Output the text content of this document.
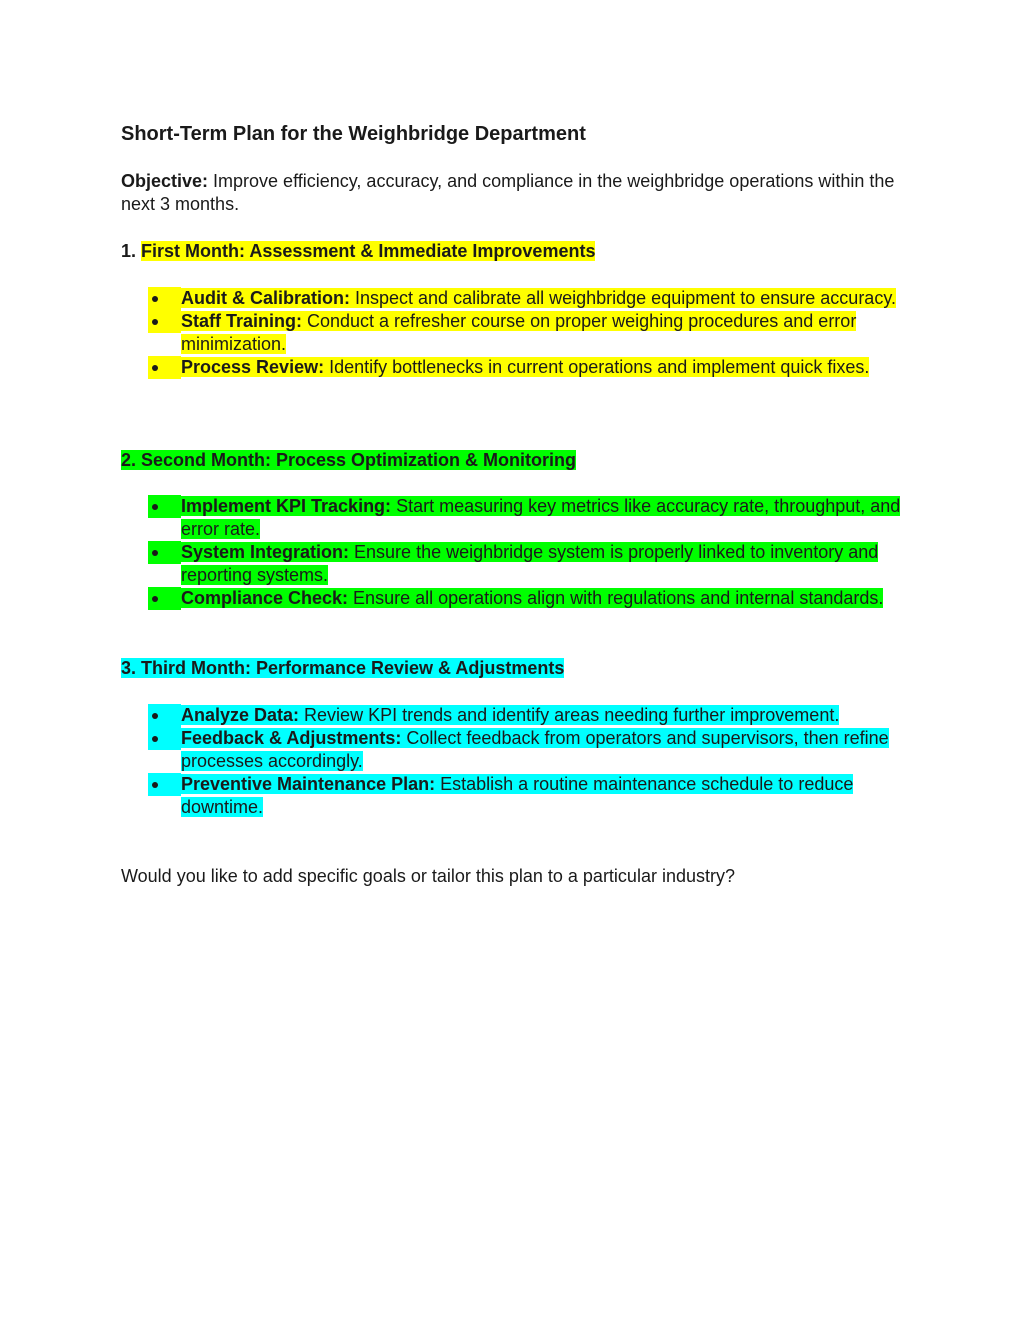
Short-Term Plan for the Weighbridge Department

Objective: Improve efficiency, accuracy, and compliance in the weighbridge operations within the next 3 months.

1. First Month: Assessment & Immediate Improvements
Audit & Calibration: Inspect and calibrate all weighbridge equipment to ensure accuracy.
Staff Training: Conduct a refresher course on proper weighing procedures and error minimization.
Process Review: Identify bottlenecks in current operations and implement quick fixes.
2. Second Month: Process Optimization & Monitoring
Implement KPI Tracking: Start measuring key metrics like accuracy rate, throughput, and error rate.
System Integration: Ensure the weighbridge system is properly linked to inventory and reporting systems.
Compliance Check: Ensure all operations align with regulations and internal standards.
3. Third Month: Performance Review & Adjustments
Analyze Data: Review KPI trends and identify areas needing further improvement.
Feedback & Adjustments: Collect feedback from operators and supervisors, then refine processes accordingly.
Preventive Maintenance Plan: Establish a routine maintenance schedule to reduce downtime.

Would you like to add specific goals or tailor this plan to a particular industry?
